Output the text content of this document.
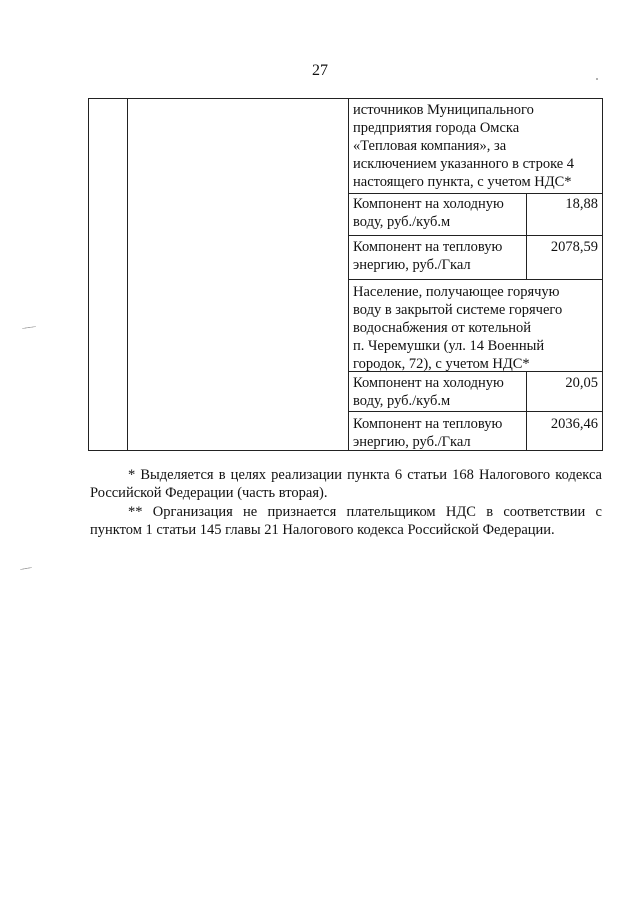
27
источников Муниципального
предприятия города Омска
«Тепловая компания», за
исключением указанного в строке 4
настоящего пункта, с учетом НДС*
Компонент на холодную
воду, руб./куб.м
18,88
Компонент на тепловую
энергию, руб./Гкал
2078,59
Население, получающее горячую
воду в закрытой системе горячего
водоснабжения от котельной
п. Черемушки (ул. 14 Военный
городок, 72), с учетом НДС*
Компонент на холодную
воду, руб./куб.м
20,05
Компонент на тепловую
энергию, руб./Гкал
2036,46
* Выделяется в целях реализации пункта 6 статьи 168 Налогового кодекса Российской Федерации (часть вторая).
** Организация не признается плательщиком НДС в соответствии с пунктом 1 статьи 145 главы 21 Налогового кодекса Российской Федерации.
